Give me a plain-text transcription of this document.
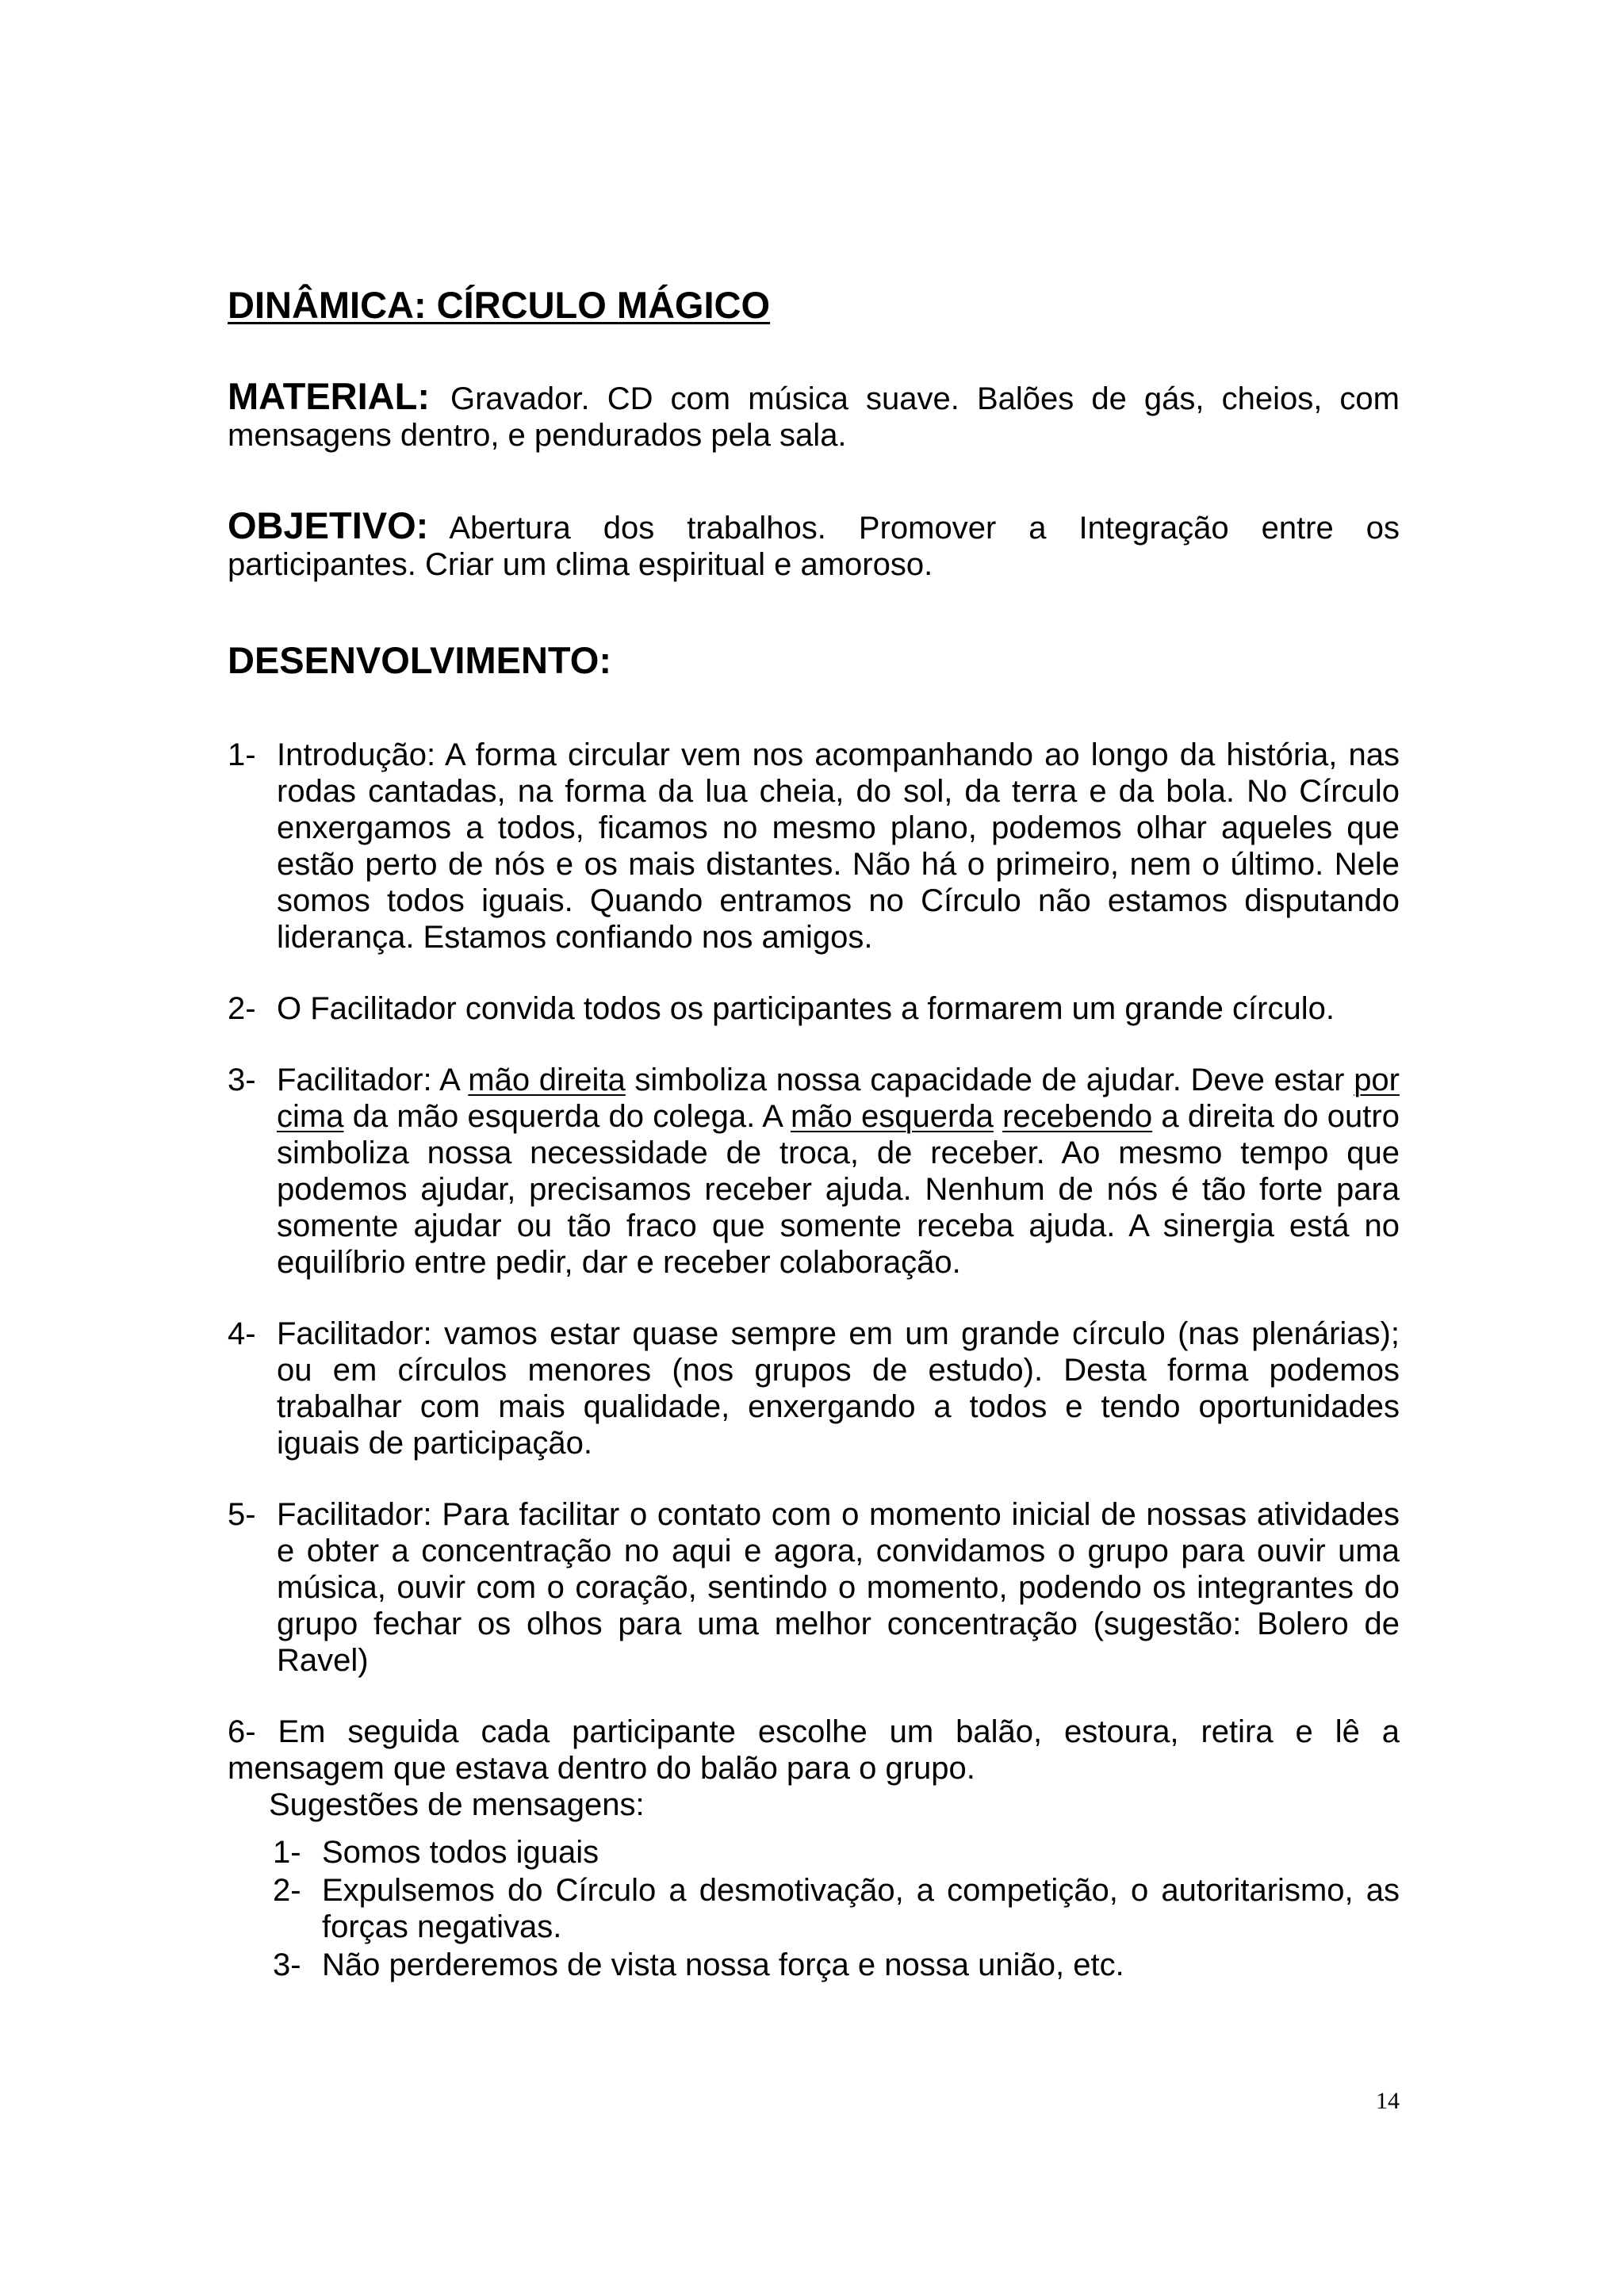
DINÂMICA: CÍRCULO MÁGICO

MATERIAL: Gravador. CD com música suave. Balões de gás, cheios, com mensagens dentro, e pendurados pela sala.

OBJETIVO: Abertura dos trabalhos. Promover a Integração entre os participantes. Criar um clima espiritual e amoroso.

DESENVOLVIMENTO:
1- Introdução: A forma circular vem nos acompanhando ao longo da história, nas rodas cantadas, na forma da lua cheia, do sol, da terra e da bola. No Círculo enxergamos a todos, ficamos no mesmo plano, podemos olhar aqueles que estão perto de nós e os mais distantes. Não há o primeiro, nem o último. Nele somos todos iguais. Quando entramos no Círculo não estamos disputando liderança. Estamos confiando nos amigos.
2- O Facilitador convida todos os participantes a formarem um grande círculo.
3- Facilitador: A mão direita simboliza nossa capacidade de ajudar. Deve estar por cima da mão esquerda do colega. A mão esquerda recebendo a direita do outro simboliza nossa necessidade de troca, de receber. Ao mesmo tempo que podemos ajudar, precisamos receber ajuda. Nenhum de nós é tão forte para somente ajudar ou tão fraco que somente receba ajuda. A sinergia está no equilíbrio entre pedir, dar e receber colaboração.
4- Facilitador: vamos estar quase sempre em um grande círculo (nas plenárias); ou em círculos menores (nos grupos de estudo). Desta forma podemos trabalhar com mais qualidade, enxergando a todos e tendo oportunidades iguais de participação.
5- Facilitador: Para facilitar o contato com o momento inicial de nossas atividades e obter a concentração no aqui e agora, convidamos o grupo para ouvir uma música, ouvir com o coração, sentindo o momento, podendo os integrantes do grupo fechar os olhos para uma melhor concentração (sugestão: Bolero de Ravel)

6- Em seguida cada participante escolhe um balão, estoura, retira e lê a mensagem que estava dentro do balão para o grupo.

Sugestões de mensagens:

1- Somos todos iguais
2- Expulsemos do Círculo a desmotivação, a competição, o autoritarismo, as forças negativas.
3- Não perderemos de vista nossa força e nossa união, etc.
14
